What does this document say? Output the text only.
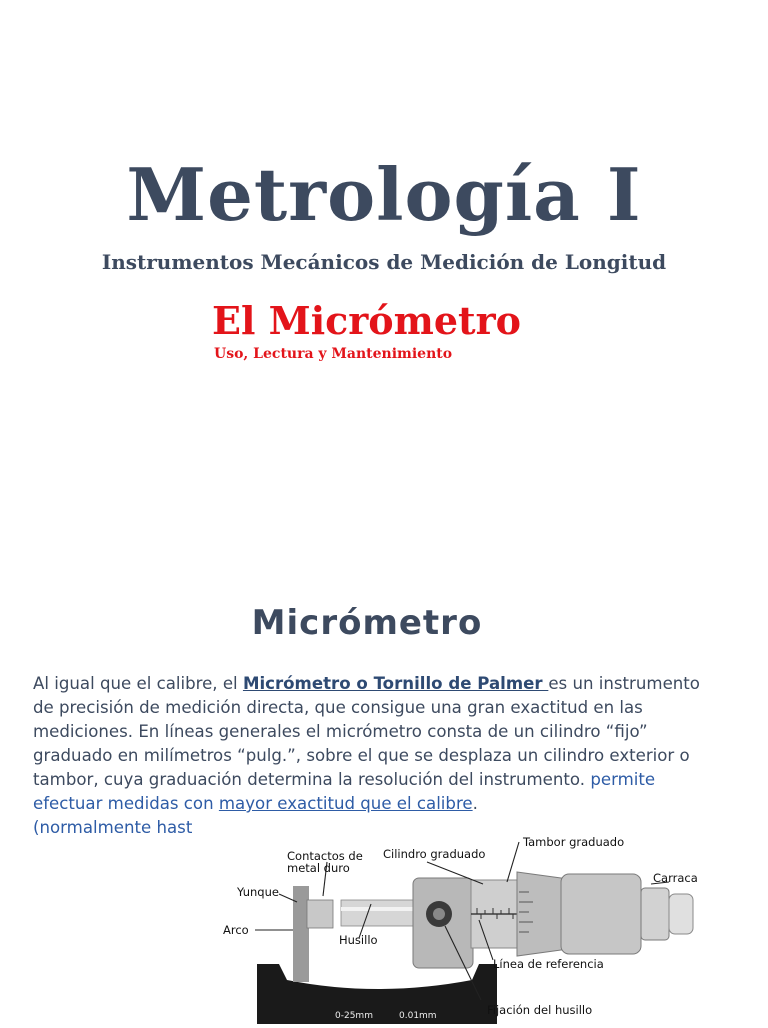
Metrología I
Instrumentos Mecánicos de Medición de Longitud
El Micrómetro
Uso, Lectura y Mantenimiento
Micrómetro
Al igual que el calibre, el Micrómetro o Tornillo de Palmer es un instrumento de precisión de medición directa, que consigue una gran exactitud en las mediciones. En líneas generales el micrómetro consta de un cilindro “fijo” graduado en milímetros “pulg.”, sobre el que se desplaza un cilindro exterior o tambor, cuya graduación determina la resolución del instrumento. permite efectuar medidas con mayor exactitud que el calibre.
(normalmente hast
0-25mm	0.01mm
Contactos de metal duro
Cilindro graduado
Tambor graduado
Carraca
Yunque
Arco
Husillo
Línea de referencia
Fijación del husillo
